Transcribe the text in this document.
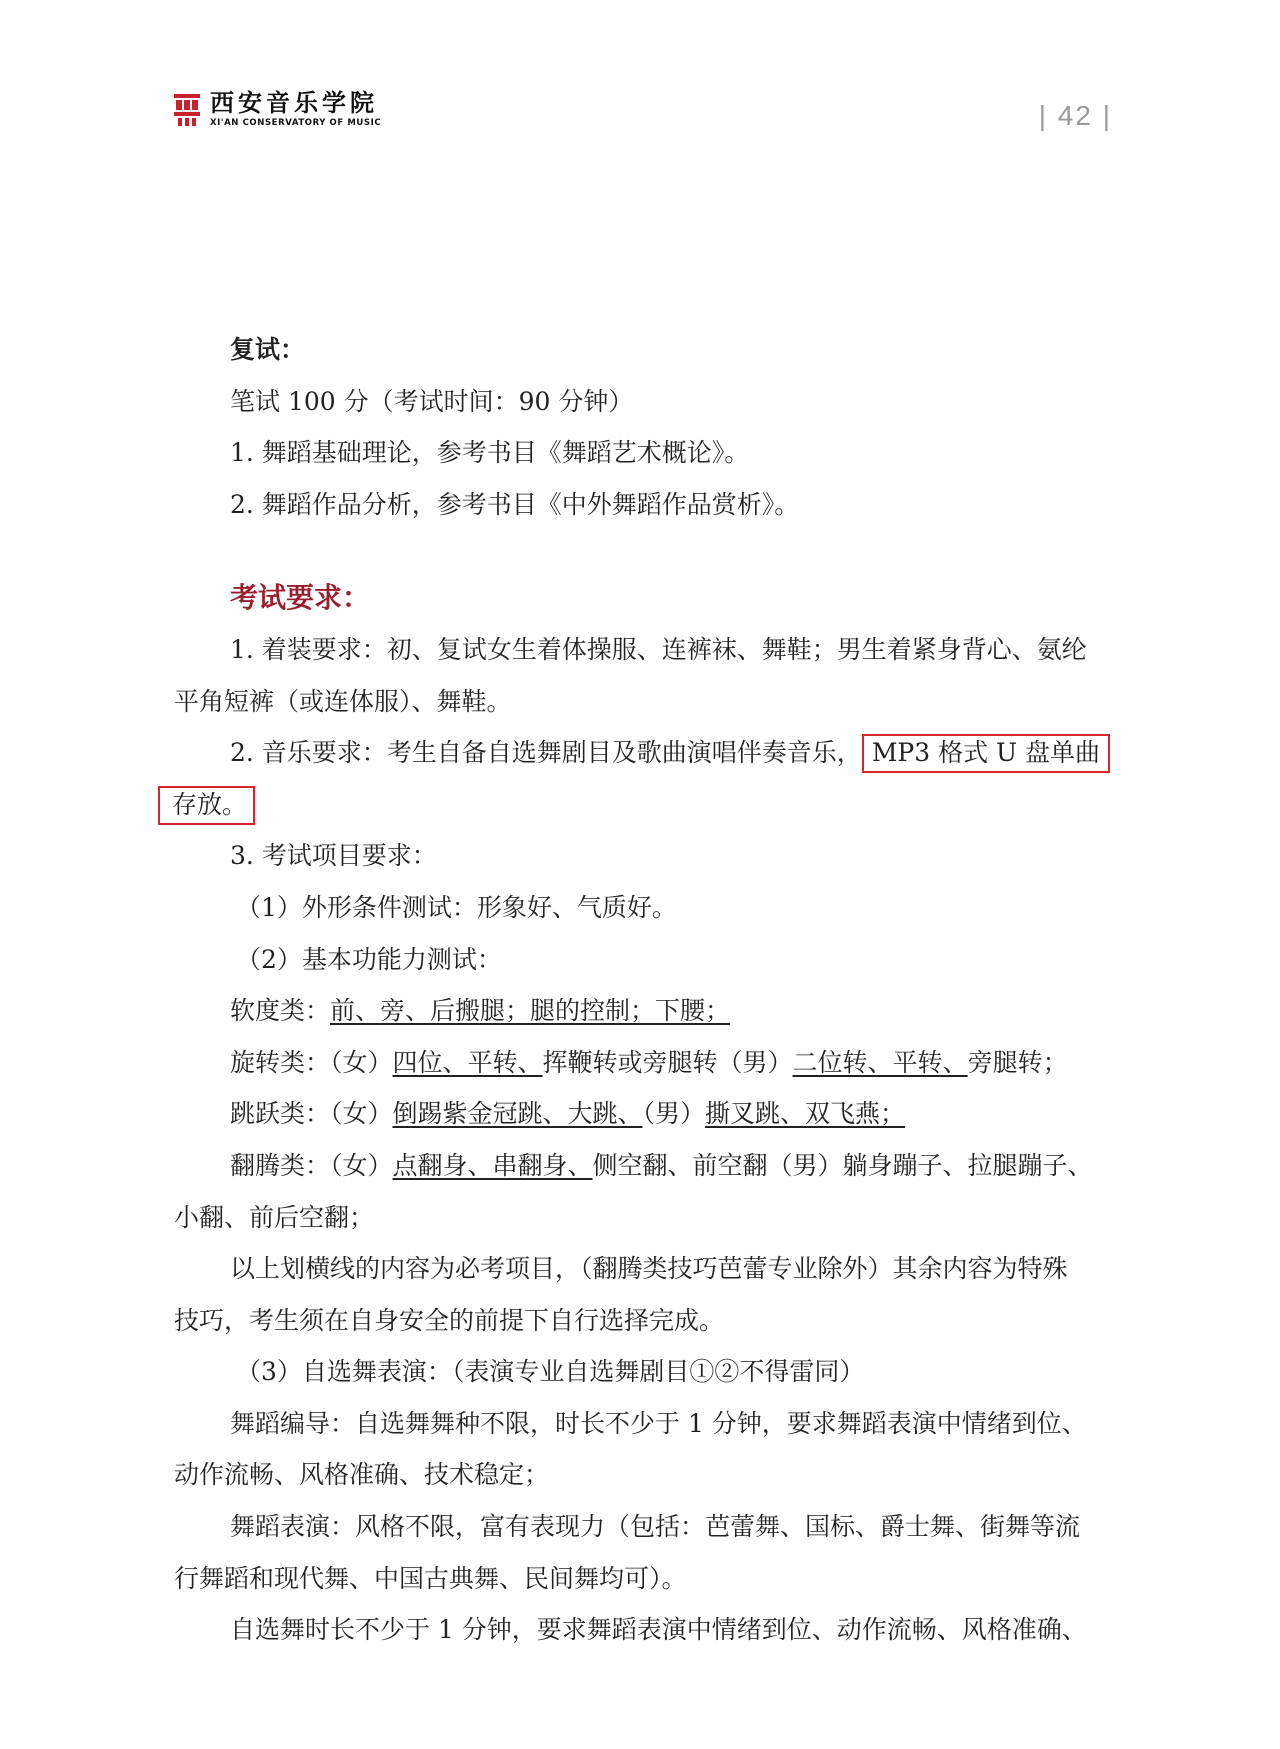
西安音乐学院
XI'AN CONSERVATORY OF MUSIC	| 42 |
复试：
笔试 100 分（考试时间：90 分钟）
1. 舞蹈基础理论，参考书目《舞蹈艺术概论》。
2. 舞蹈作品分析，参考书目《中外舞蹈作品赏析》。
考试要求：
1. 着装要求：初、复试女生着体操服、连裤袜、舞鞋；男生着紧身背心、氨纶
平角短裤（或连体服）、舞鞋。
2. 音乐要求：考生自备自选舞剧目及歌曲演唱伴奏音乐， MP3 格式 U 盘单曲
存放。
3. 考试项目要求：
（1）外形条件测试：形象好、气质好。
（2）基本功能力测试：
软度类：前、旁、后搬腿；腿的控制；下腰；
旋转类：（女）四位、平转、挥鞭转或旁腿转（男）二位转、平转、旁腿转；
跳跃类：（女）倒踢紫金冠跳、大跳、（男）撕叉跳、双飞燕；
翻腾类：（女）点翻身、串翻身、侧空翻、前空翻（男）躺身蹦子、拉腿蹦子、
小翻、前后空翻；
以上划横线的内容为必考项目，（翻腾类技巧芭蕾专业除外）其余内容为特殊
技巧，考生须在自身安全的前提下自行选择完成。
（3）自选舞表演：（表演专业自选舞剧目①②不得雷同）
舞蹈编导：自选舞舞种不限，时长不少于 1 分钟，要求舞蹈表演中情绪到位、
动作流畅、风格准确、技术稳定；
舞蹈表演：风格不限，富有表现力（包括：芭蕾舞、国标、爵士舞、街舞等流
行舞蹈和现代舞、中国古典舞、民间舞均可）。
自选舞时长不少于 1 分钟，要求舞蹈表演中情绪到位、动作流畅、风格准确、
